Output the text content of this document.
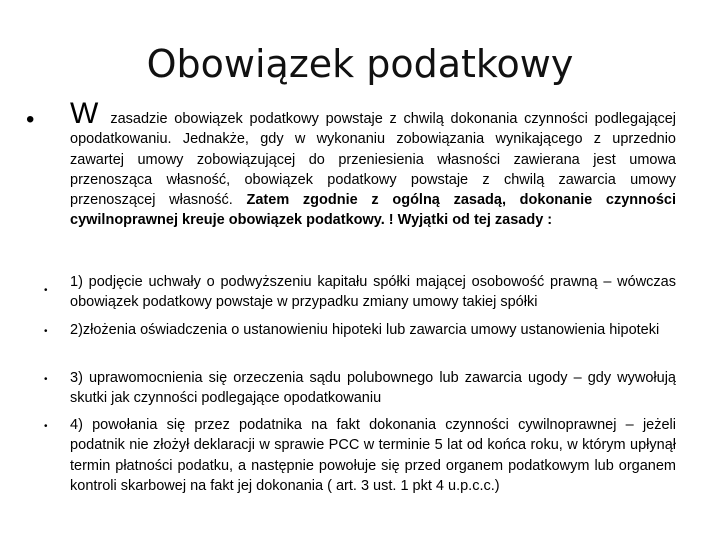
Obowiązek podatkowy
• Wzasadzie obowiązek podatkowy powstaje z chwilą dokonania czynności podlegającej opodatkowaniu. Jednakże, gdy w wykonaniu zobowiązania wynikającego z uprzednio zawartej umowy zobowiązującej do przeniesienia własności zawierana jest umowa przenosząca własność, obowiązek podatkowy powstaje z chwilą zawarcia umowy przenoszącej własność. Zatem zgodnie z ogólną zasadą, dokonanie czynności cywilnoprawnej kreuje obowiązek podatkowy. ! Wyjątki od tej zasady :
•
1) podjęcie uchwały o podwyższeniu kapitału spółki mającej osobowość prawną – wówczas obowiązek podatkowy powstaje w przypadku zmiany umowy takiej spółki
• 2)złożenia oświadczenia o ustanowieniu hipoteki lub zawarcia umowy ustanowienia hipoteki
• 3) uprawomocnienia się orzeczenia sądu polubownego lub zawarcia ugody – gdy wywołują skutki jak czynności podlegające opodatkowaniu
• 4) powołania się przez podatnika na fakt dokonania czynności cywilnoprawnej – jeżeli podatnik nie złożył deklaracji w sprawie PCC w terminie 5 lat od końca roku, w którym upłynął termin płatności podatku, a następnie powołuje się przed organem podatkowym lub organem kontroli skarbowej na fakt jej dokonania ( art. 3 ust. 1 pkt 4 u.p.c.c.)
